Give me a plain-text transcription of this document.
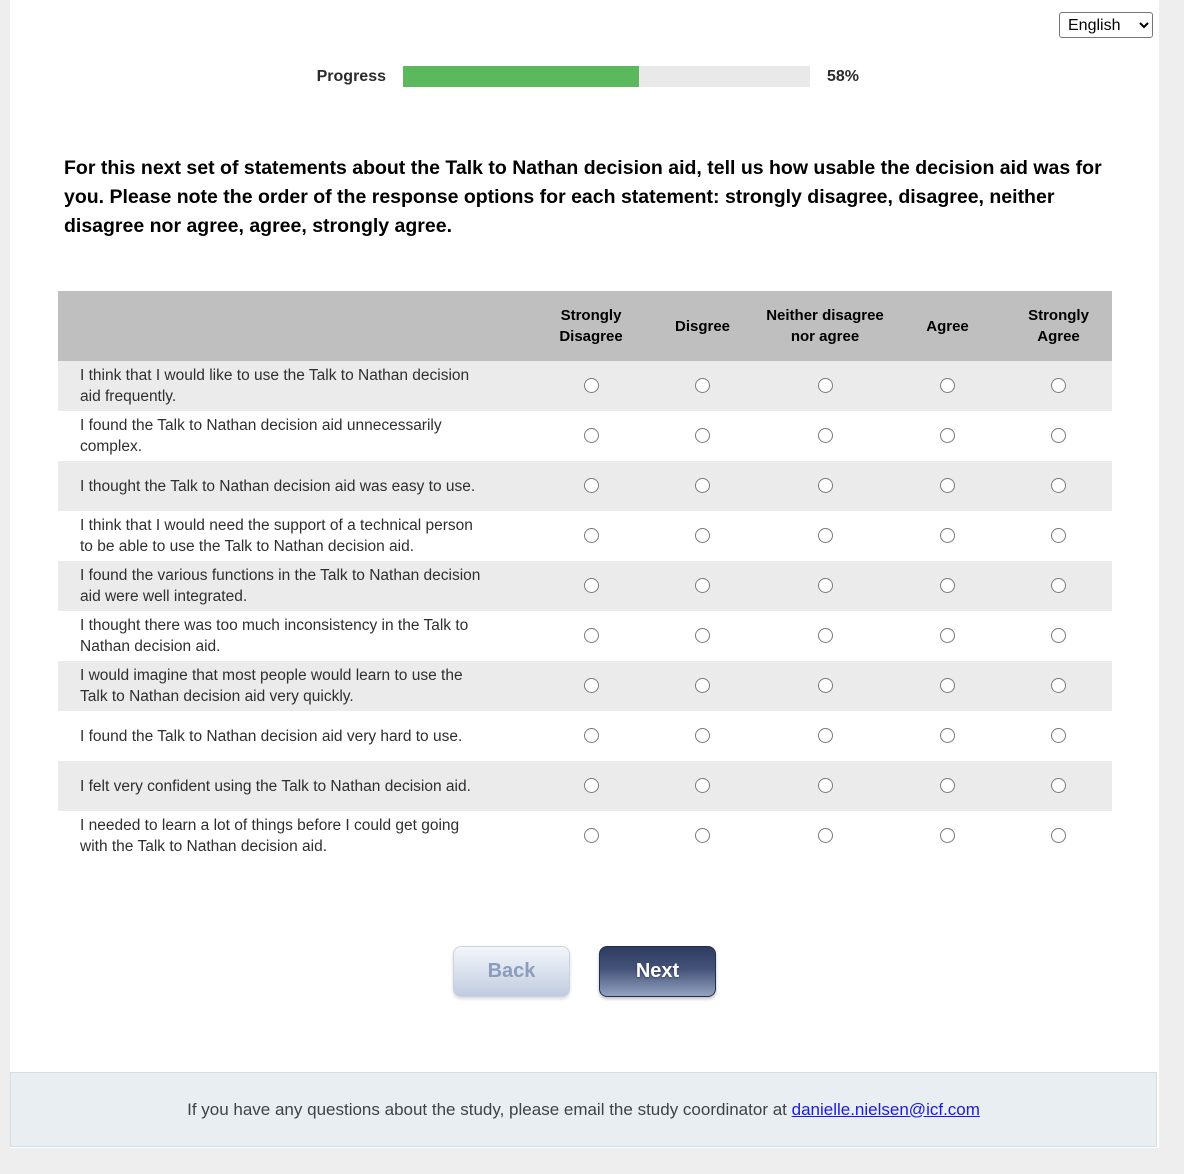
English
Progress	58%
For this next set of statements about the Talk to Nathan decision aid, tell us how usable the decision aid was for you. Please note the order of the response options for each statement: strongly disagree, disagree, neither disagree nor agree, agree, strongly agree.
	Strongly Disagree	Disgree	Neither disagree nor agree	Agree	Strongly Agree
I think that I would like to use the Talk to Nathan decision aid frequently.					
I found the Talk to Nathan decision aid unnecessarily complex.					
I thought the Talk to Nathan decision aid was easy to use.					
I think that I would need the support of a technical person to be able to use the Talk to Nathan decision aid.					
I found the various functions in the Talk to Nathan decision aid were well integrated.					
I thought there was too much inconsistency in the Talk to Nathan decision aid.					
I would imagine that most people would learn to use the Talk to Nathan decision aid very quickly.					
I found the Talk to Nathan decision aid very hard to use.					
I felt very confident using the Talk to Nathan decision aid.					
I needed to learn a lot of things before I could get going with the Talk to Nathan decision aid.					
Back	Next
If you have any questions about the study, please email the study coordinator at danielle.nielsen@icf.com
